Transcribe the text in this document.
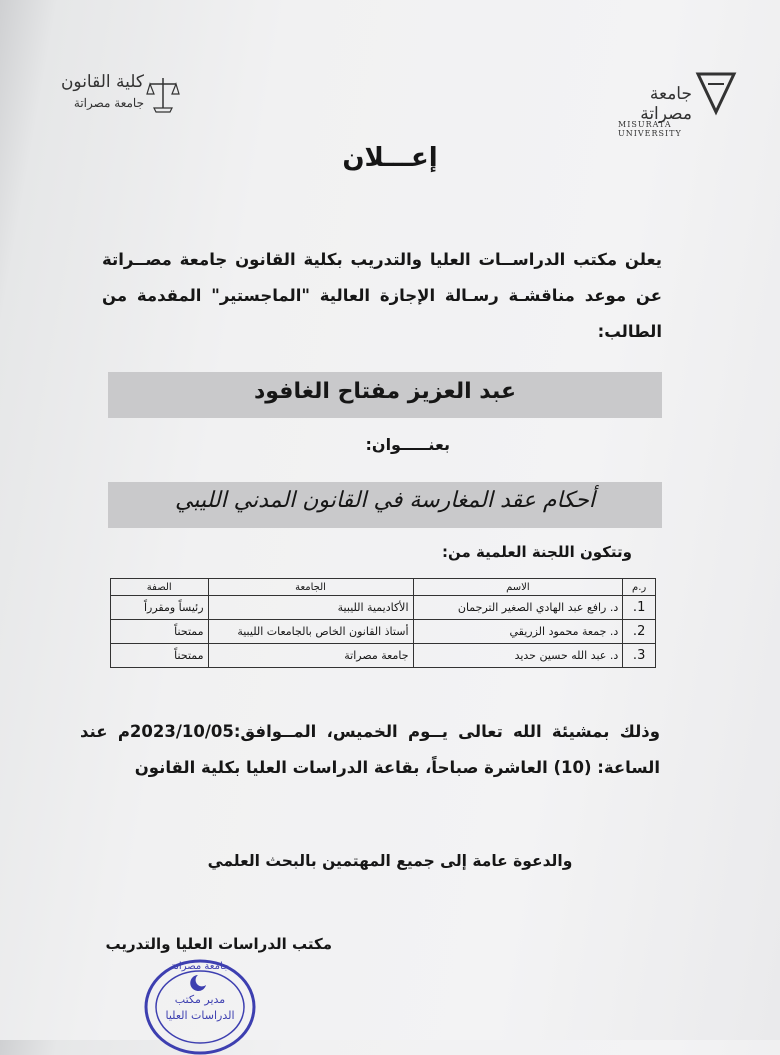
جامعة مصراتة
MISURATA UNIVERSITY
كلية القانون
جامعة مصراتة
إعـــلان
يعلن مكتب الدراســات العليا والتدريب بكلية القانون جامعة مصــراتة عن موعد مناقشـة رسـالة الإجازة العالية "الماجستير" المقدمة من الطالب:
عبد العزيز مفتاح الغافود
بعنـــــوان:
أحكام عقد المغارسة في القانون المدني الليبي
وتتكون اللجنة العلمية من:
ر.م	الاسم	الجامعة	الصفة
1.	د. رافع عبد الهادي الصغير الترجمان	الأكاديمية الليبية	رئيساً ومقرراً
2.	د. جمعة محمود الزريقي	أستاذ القانون الخاص بالجامعات الليبية	ممتحناً
3.	د. عبد الله حسين حديد	جامعة مصراتة	ممتحناً
وذلك بمشيئة الله تعالى يــوم الخميس، المــوافق:2023/10/05م عند الساعة: (10) العاشرة صباحاً، بقاعة الدراسات العليا بكلية القانون
والدعوة عامة إلى جميع المهتمين بالبحث العلمي
مكتب الدراسات العليا والتدريب
جامعة مصراتة
مدير مكتب
الدراسات العليا
